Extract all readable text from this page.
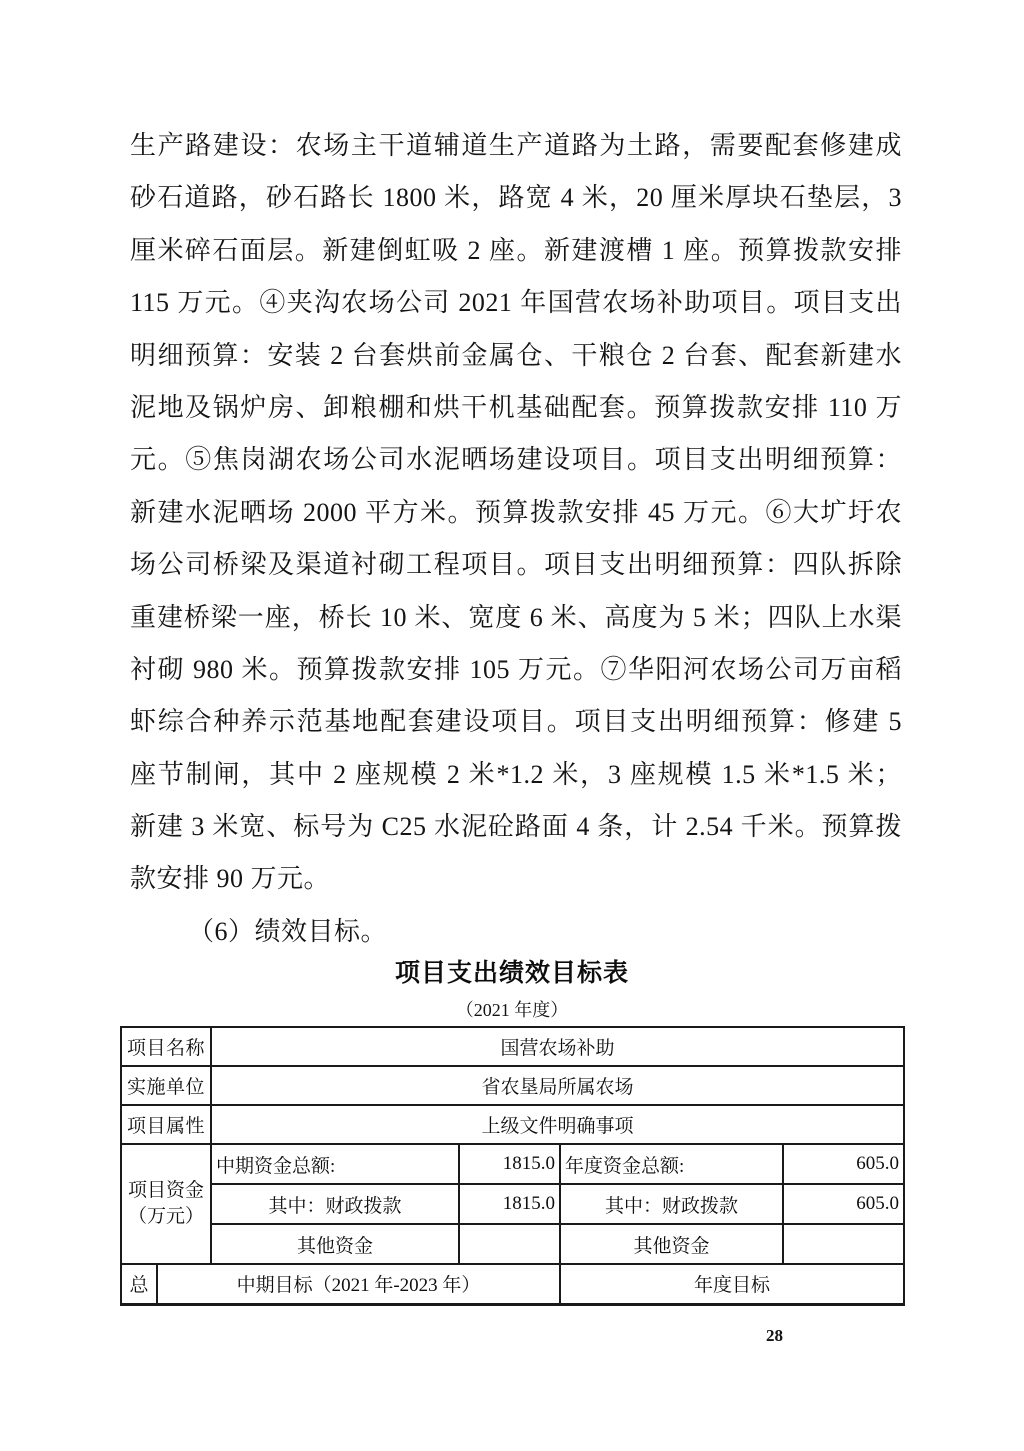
生产路建设：农场主干道辅道生产道路为土路，需要配套修建成
砂石道路，砂石路长 1800 米，路宽 4 米，20 厘米厚块石垫层，3
厘米碎石面层。新建倒虹吸 2 座。新建渡槽 1 座。预算拨款安排
115 万元。④夹沟农场公司 2021 年国营农场补助项目。项目支出
明细预算：安装 2 台套烘前金属仓、干粮仓 2 台套、配套新建水
泥地及锅炉房、卸粮棚和烘干机基础配套。预算拨款安排 110 万
元。⑤焦岗湖农场公司水泥晒场建设项目。项目支出明细预算：
新建水泥晒场 2000 平方米。预算拨款安排 45 万元。⑥大圹圩农
场公司桥梁及渠道衬砌工程项目。项目支出明细预算：四队拆除
重建桥梁一座，桥长 10 米、宽度 6 米、高度为 5 米；四队上水渠
衬砌 980 米。预算拨款安排 105 万元。⑦华阳河农场公司万亩稻
虾综合种养示范基地配套建设项目。项目支出明细预算：修建 5
座节制闸，其中 2 座规模 2 米*1.2 米，3 座规模 1.5 米*1.5 米；
新建 3 米宽、标号为 C25 水泥砼路面 4 条，计 2.54 千米。预算拨
款安排 90 万元。
（6）绩效目标。
项目支出绩效目标表
（2021 年度）
项目名称		国营农场补助			
实施单位		省农垦局所属农场			
项目属性		上级文件明确事项			

项目资金
（万元）		中期资金总额:	1815.0	年度资金总额:	605.0
		其中：财政拨款	1815.0	其中：财政拨款	605.0
		其他资金		其他资金	
总	中期目标（2021 年-2023 年）			年度目标	
28
